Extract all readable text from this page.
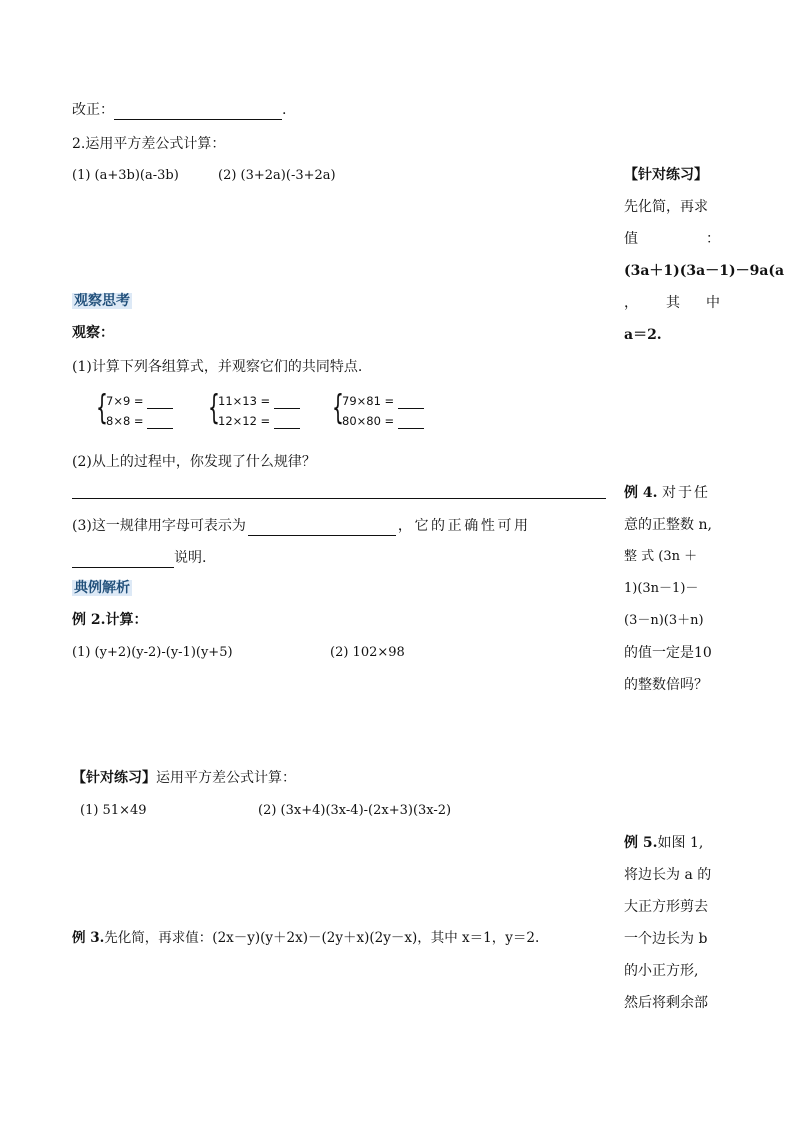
改正：	.
2.运用平方差公式计算：
(1) (a+3b)(a-3b)	(2) (3+2a)(-3+2a)
观察思考
观察：
(1)计算下列各组算式，并观察它们的共同特点.
{
7×9 =
8×8 =	{
11×13 =
12×12 =	{
79×81 =
80×80 =
(2)从上的过程中，你发现了什么规律？
(3)这一规律用字母可表示为	，它的正确性可用
说明.
典例解析
例 2.计算：
(1) (y+2)(y-2)-(y-1)(y+5)	(2) 102×98
【针对练习】运用平方差公式计算：
(1) 51×49	(2) (3x+4)(3x-4)-(2x+3)(3x-2)
例 3.先化简，再求值：(2x－y)(y＋2x)－(2y＋x)(2y－x)，其中 x＝1，y＝2.
【针对练习】
先化简，再求
值	：
(3a＋1)(3a－1)－9a(a
， 其 中
a＝2.
例 4. 对于任
意的正整数 n,
整 式 (3n ＋
1)(3n－1)－
(3－n)(3＋n)
的值一定是10
的整数倍吗？
例 5.如图 1,
将边长为 a 的
大正方形剪去
一个边长为 b
的小正方形,
然后将剩余部
